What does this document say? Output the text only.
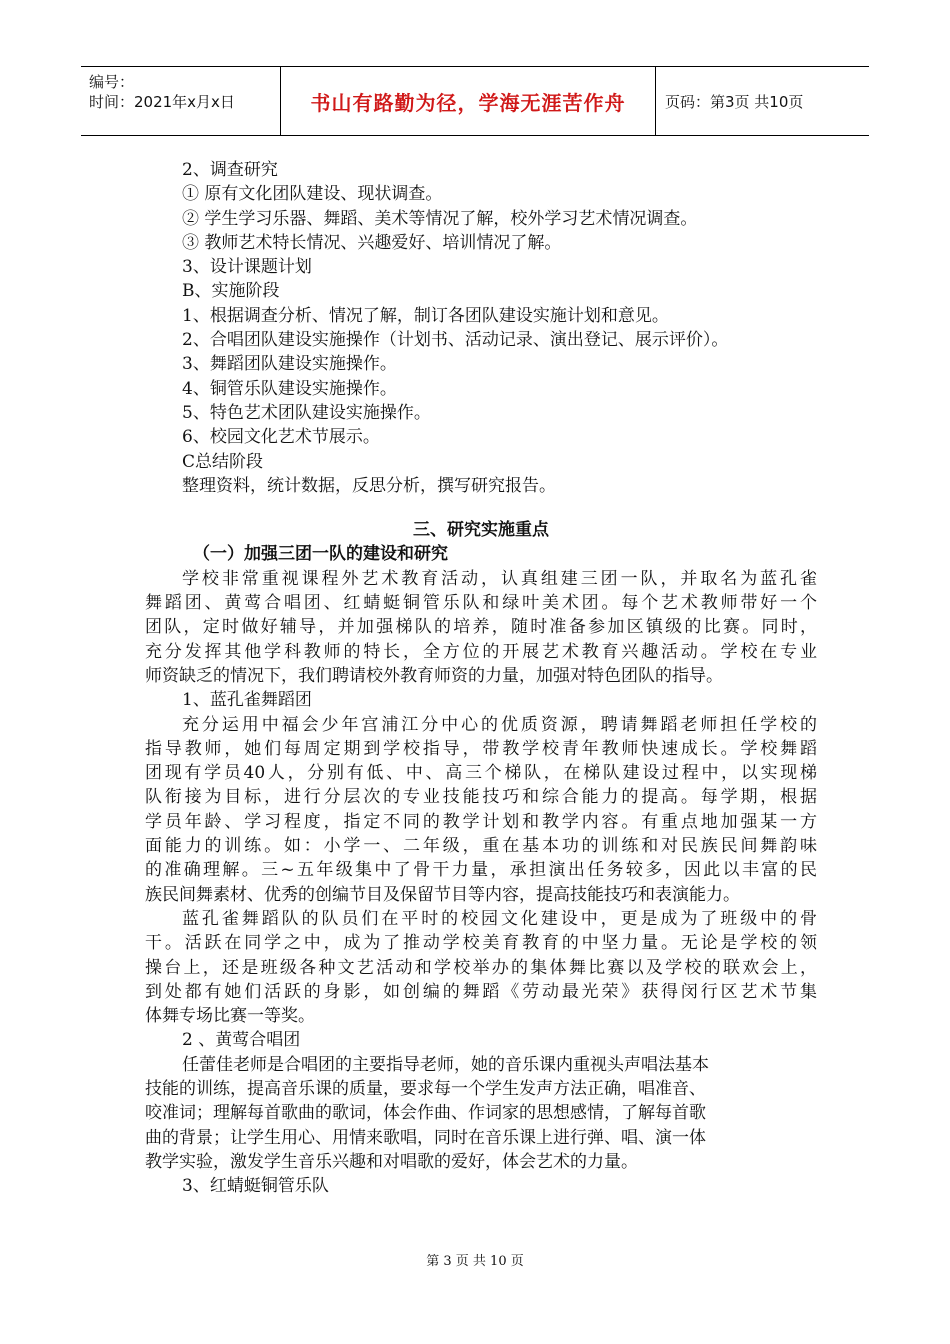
编号：
时间：2021年x月x日	书山有路勤为径，学海无涯苦作舟	页码：第3页 共10页
2、调查研究
① 原有文化团队建设、现状调查。
② 学生学习乐器、舞蹈、美术等情况了解，校外学习艺术情况调查。
③ 教师艺术特长情况、兴趣爱好、培训情况了解。
3、设计课题计划
B、实施阶段
1、根据调查分析、情况了解，制订各团队建设实施计划和意见。
2、合唱团队建设实施操作（计划书、活动记录、演出登记、展示评价）。
3、舞蹈团队建设实施操作。
4、铜管乐队建设实施操作。
5、特色艺术团队建设实施操作。
6、校园文化艺术节展示。
C总结阶段
整理资料，统计数据，反思分析，撰写研究报告。
三、研究实施重点
（一）加强三团一队的建设和研究
学校非常重视课程外艺术教育活动，认真组建三团一队，并取名为蓝孔雀
舞蹈团、黄莺合唱团、红蜻蜓铜管乐队和绿叶美术团。每个艺术教师带好一个
团队，定时做好辅导，并加强梯队的培养，随时准备参加区镇级的比赛。同时，
充分发挥其他学科教师的特长，全方位的开展艺术教育兴趣活动。学校在专业
师资缺乏的情况下，我们聘请校外教育师资的力量，加强对特色团队的指导。
1、蓝孔雀舞蹈团
充分运用中福会少年宫浦江分中心的优质资源，聘请舞蹈老师担任学校的
指导教师，她们每周定期到学校指导，带教学校青年教师快速成长。学校舞蹈
团现有学员40人，分别有低、中、高三个梯队，在梯队建设过程中，以实现梯
队衔接为目标，进行分层次的专业技能技巧和综合能力的提高。每学期，根据
学员年龄、学习程度，指定不同的教学计划和教学内容。有重点地加强某一方
面能力的训练。如：小学一、二年级，重在基本功的训练和对民族民间舞韵味
的准确理解。三~五年级集中了骨干力量，承担演出任务较多，因此以丰富的民
族民间舞素材、优秀的创编节目及保留节目等内容，提高技能技巧和表演能力。
蓝孔雀舞蹈队的队员们在平时的校园文化建设中，更是成为了班级中的骨
干。活跃在同学之中，成为了推动学校美育教育的中坚力量。无论是学校的领
操台上，还是班级各种文艺活动和学校举办的集体舞比赛以及学校的联欢会上，
到处都有她们活跃的身影，如创编的舞蹈《劳动最光荣》获得闵行区艺术节集
体舞专场比赛一等奖。
2 、黄莺合唱团
任蕾佳老师是合唱团的主要指导老师，她的音乐课内重视头声唱法基本
技能的训练，提高音乐课的质量，要求每一个学生发声方法正确，唱准音、
咬准词；理解每首歌曲的歌词，体会作曲、作词家的思想感情，了解每首歌
曲的背景；让学生用心、用情来歌唱，同时在音乐课上进行弹、唱、演一体
教学实验，激发学生音乐兴趣和对唱歌的爱好，体会艺术的力量。
3、红蜻蜓铜管乐队
第 3 页 共 10 页
